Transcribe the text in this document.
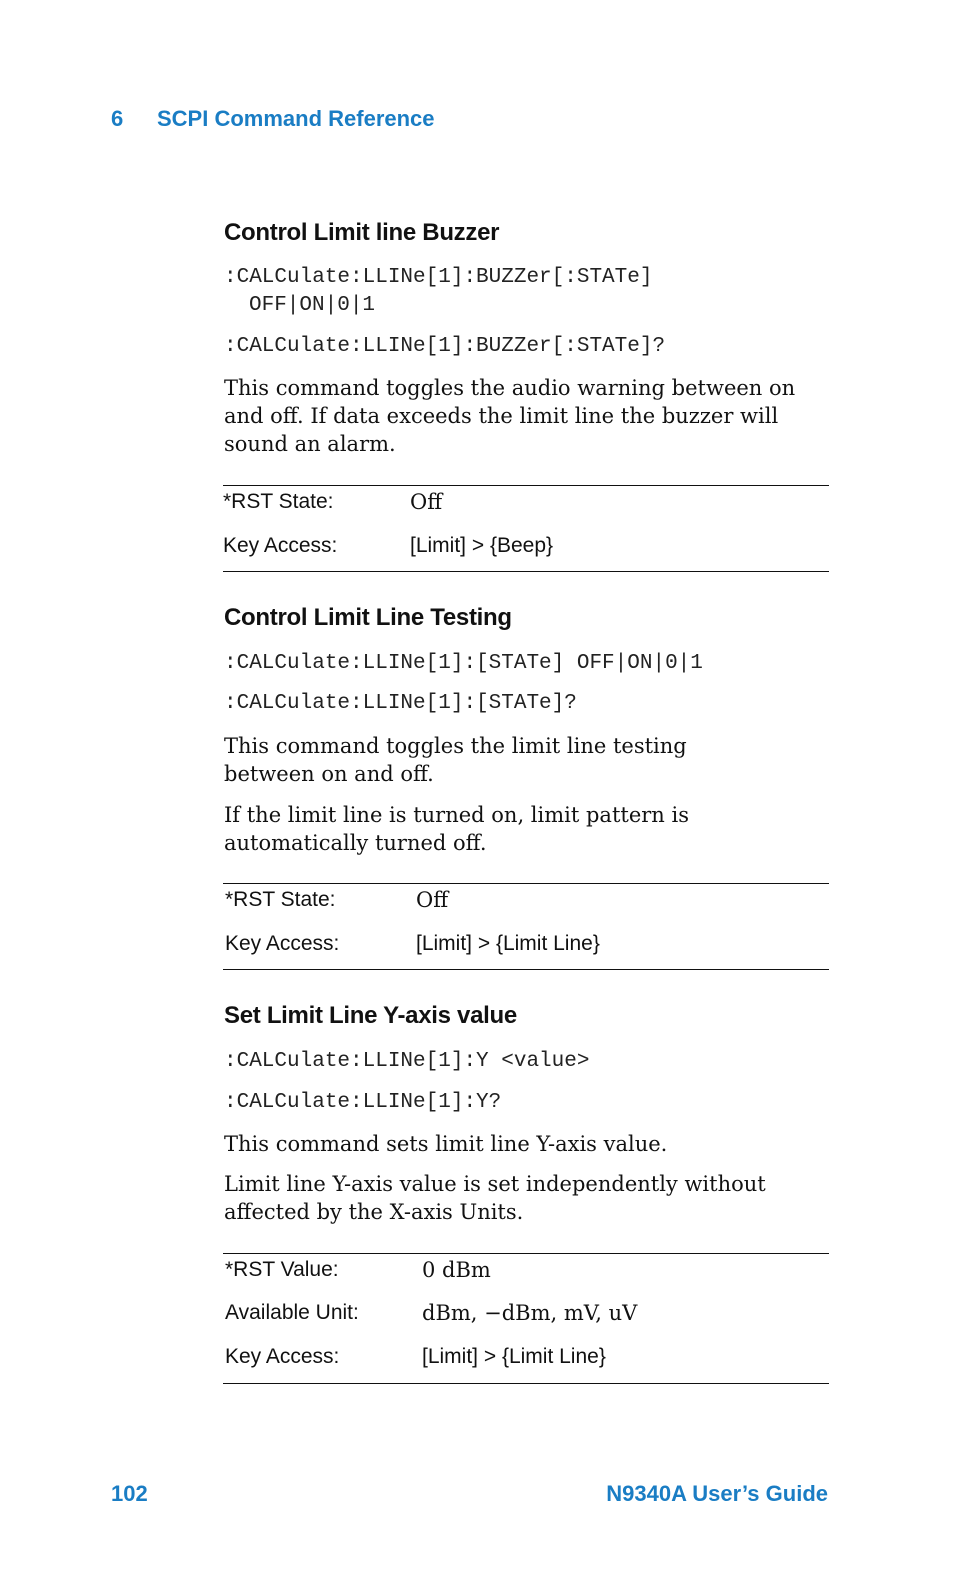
6 SCPI Command Reference
Control Limit line Buzzer
:CALCulate:LLINe[1]:BUZZer[:STATe]
OFF|ON|0|1
:CALCulate:LLINe[1]:BUZZer[:STATe]?
This command toggles the audio warning between on and off. If data exceeds the limit line the buzzer will sound an alarm.
*RST State:	Off
Key Access:	[Limit] > {Beep}
Control Limit Line Testing
:CALCulate:LLINe[1]:[STATe] OFF|ON|0|1
:CALCulate:LLINe[1]:[STATe]?
This command toggles the limit line testing between on and off.
If the limit line is turned on, limit pattern is automatically turned off.
*RST State:	Off
Key Access:	[Limit] > {Limit Line}
Set Limit Line Y-axis value
:CALCulate:LLINe[1]:Y <value>
:CALCulate:LLINe[1]:Y?
This command sets limit line Y-axis value.
Limit line Y-axis value is set independently without affected by the X-axis Units.
*RST Value:	0 dBm
Available Unit:	dBm, −dBm, mV, uV
Key Access:	[Limit] > {Limit Line}
102	N9340A User’s Guide
